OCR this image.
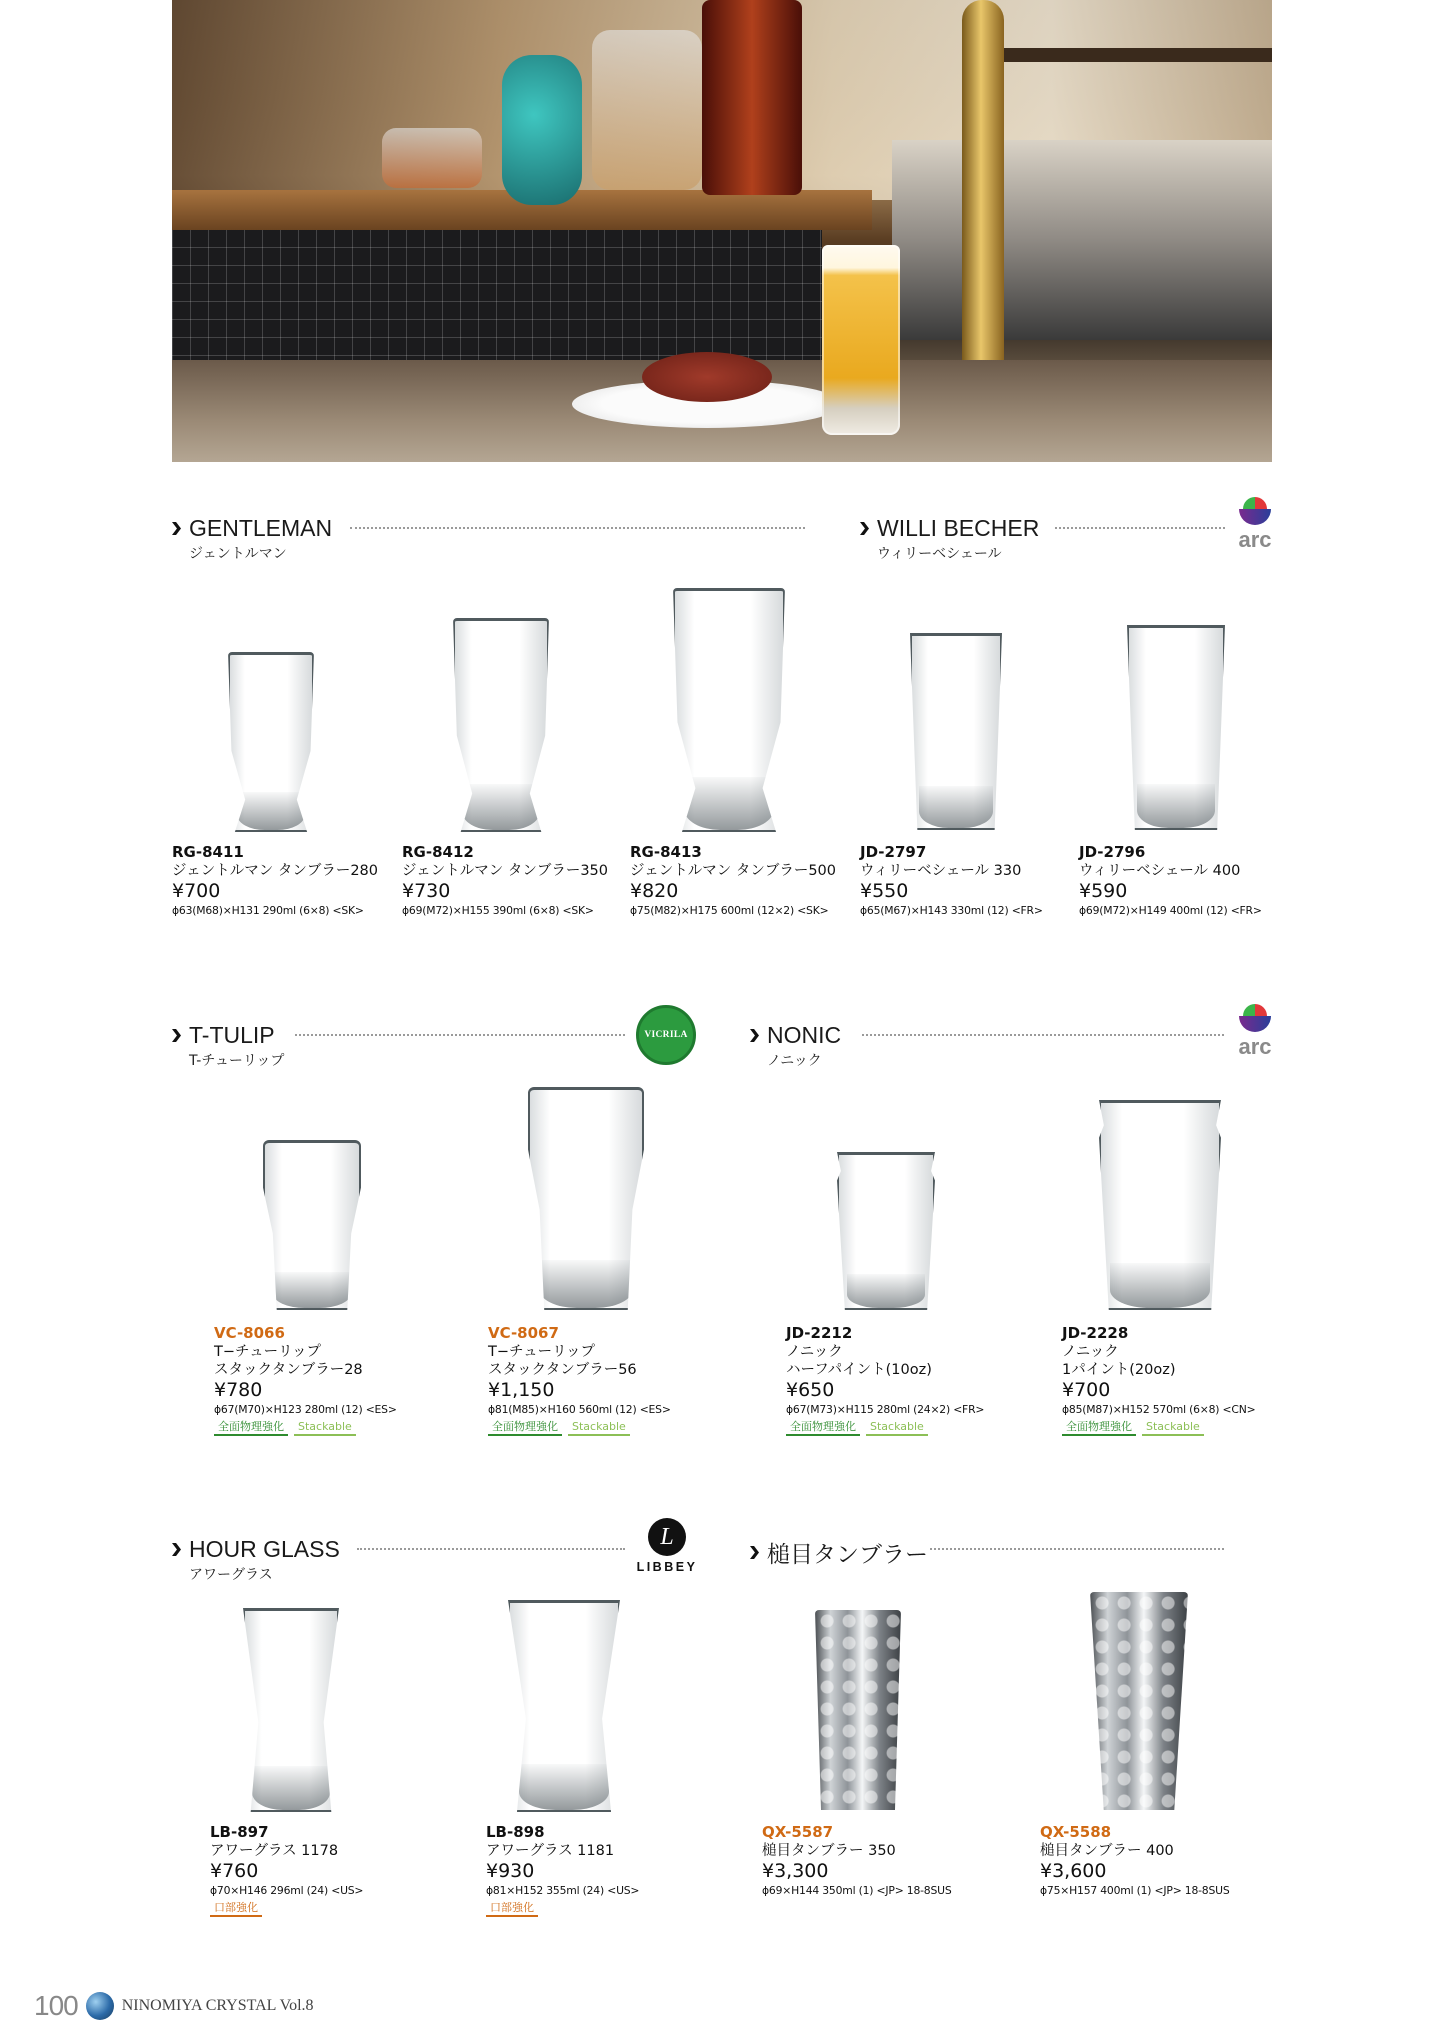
GENTLEMAN
ジェントルマン
WILLI BECHER
ウィリーベシェール
arc
RG-8411
ジェントルマン タンブラー280
¥700
ϕ63(M68)×H131 290ml (6×8) <SK>
RG-8412
ジェントルマン タンブラー350
¥730
ϕ69(M72)×H155 390ml (6×8) <SK>
RG-8413
ジェントルマン タンブラー500
¥820
ϕ75(M82)×H175 600ml (12×2) <SK>
JD-2797
ウィリーベシェール 330
¥550
ϕ65(M67)×H143 330ml (12) <FR>
JD-2796
ウィリーベシェール 400
¥590
ϕ69(M72)×H149 400ml (12) <FR>
T-TULIP
T-チューリップ
VICRILA	NONIC
ノニック
arc
VC-8066
T−チューリップ
スタックタンブラー28
¥780
ϕ67(M70)×H123 280ml (12) <ES>
全面物理強化	Stackable
VC-8067
T−チューリップ
スタックタンブラー56
¥1,150
ϕ81(M85)×H160 560ml (12) <ES>
全面物理強化	Stackable
JD-2212
ノニック
ハーフパイント(10oz)
¥650
ϕ67(M73)×H115 280ml (24×2) <FR>
全面物理強化	Stackable
JD-2228
ノニック
1パイント(20oz)
¥700
ϕ85(M87)×H152 570ml (6×8) <CN>
全面物理強化	Stackable
HOUR GLASS
アワーグラス
L
LIBBEY	槌目タンブラー
LB-897
アワーグラス 1178
¥760
ϕ70×H146 296ml (24) <US>
口部強化
LB-898
アワーグラス 1181
¥930
ϕ81×H152 355ml (24) <US>
口部強化
QX-5587
槌目タンブラー 350
¥3,300
ϕ69×H144 350ml (1) <JP> 18-8SUS
QX-5588
槌目タンブラー 400
¥3,600
ϕ75×H157 400ml (1) <JP> 18-8SUS
100	NINOMIYA CRYSTAL Vol.8
